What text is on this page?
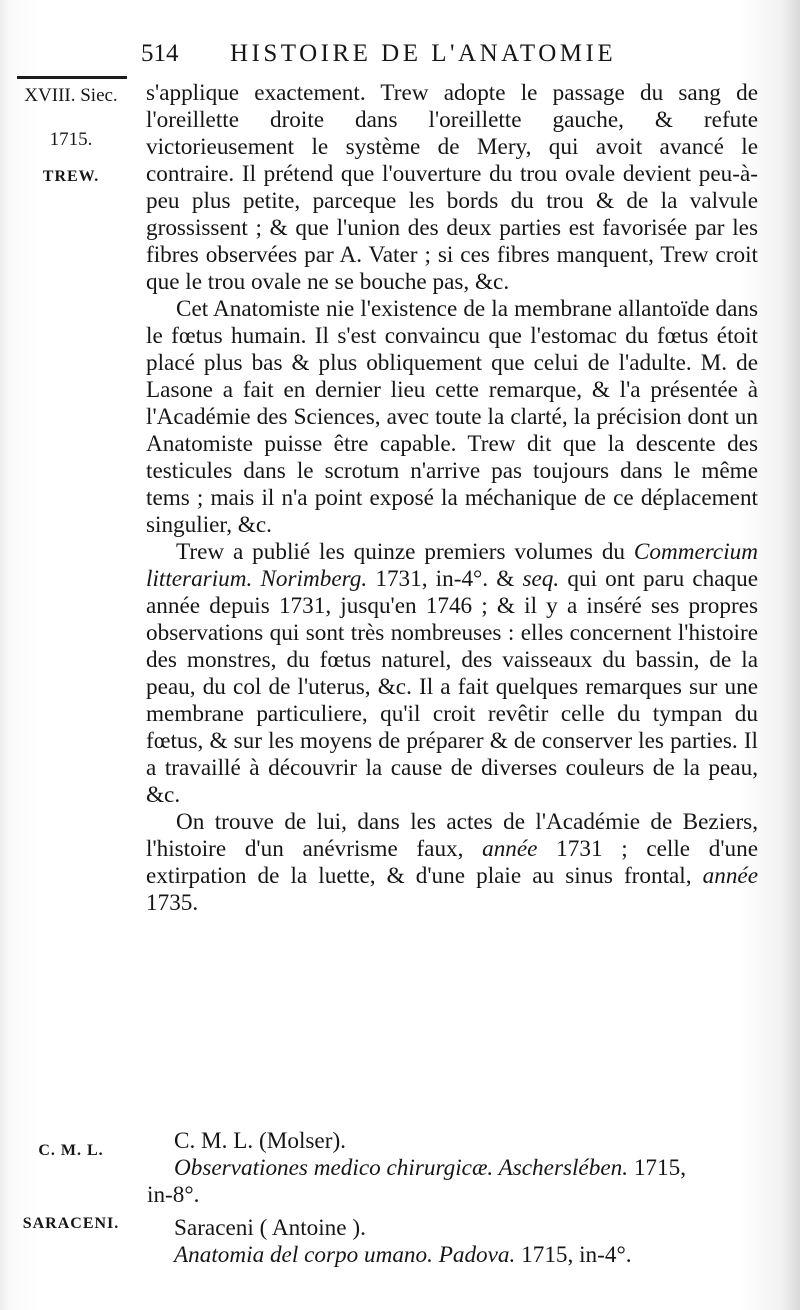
514 HISTOIRE DE L'ANATOMIE
XVIII. Siec.
1715.
TREW.
C. M. L.
SARACENI.

s'applique exactement. Trew adopte le passage du sang de l'oreillette droite dans l'oreillette gauche, & refute victorieusement le système de Mery, qui avoit avancé le contraire. Il prétend que l'ouverture du trou ovale devient peu-à-peu plus petite, parceque les bords du trou & de la valvule grossissent ; & que l'union des deux parties est favorisée par les fibres observées par A. Vater ; si ces fibres manquent, Trew croit que le trou ovale ne se bouche pas, &c.

Cet Anatomiste nie l'existence de la membrane allantoïde dans le fœtus humain. Il s'est convaincu que l'estomac du fœtus étoit placé plus bas & plus obliquement que celui de l'adulte. M. de Lasone a fait en dernier lieu cette remarque, & l'a présentée à l'Académie des Sciences, avec toute la clarté, la précision dont un Anatomiste puisse être capable. Trew dit que la descente des testicules dans le scrotum n'arrive pas toujours dans le même tems ; mais il n'a point exposé la méchanique de ce déplacement singulier, &c.

Trew a publié les quinze premiers volumes du Commercium litterarium. Norimberg. 1731, in-4°. & seq. qui ont paru chaque année depuis 1731, jusqu'en 1746 ; & il y a inséré ses propres observations qui sont très nombreuses : elles concernent l'histoire des monstres, du fœtus naturel, des vaisseaux du bassin, de la peau, du col de l'uterus, &c. Il a fait quelques remarques sur une membrane particuliere, qu'il croit revêtir celle du tympan du fœtus, & sur les moyens de préparer & de conserver les parties. Il a travaillé à découvrir la cause de diverses couleurs de la peau, &c.

On trouve de lui, dans les actes de l'Académie de Beziers, l'histoire d'un anévrisme faux, année 1731 ; celle d'une extirpation de la luette, & d'une plaie au sinus frontal, année 1735.

C. M. L. (Molser).
Observationes medico chirurgicæ. Ascherslében. 1715,
in-8°.
Saraceni ( Antoine ).
Anatomia del corpo umano. Padova. 1715, in-4°.
